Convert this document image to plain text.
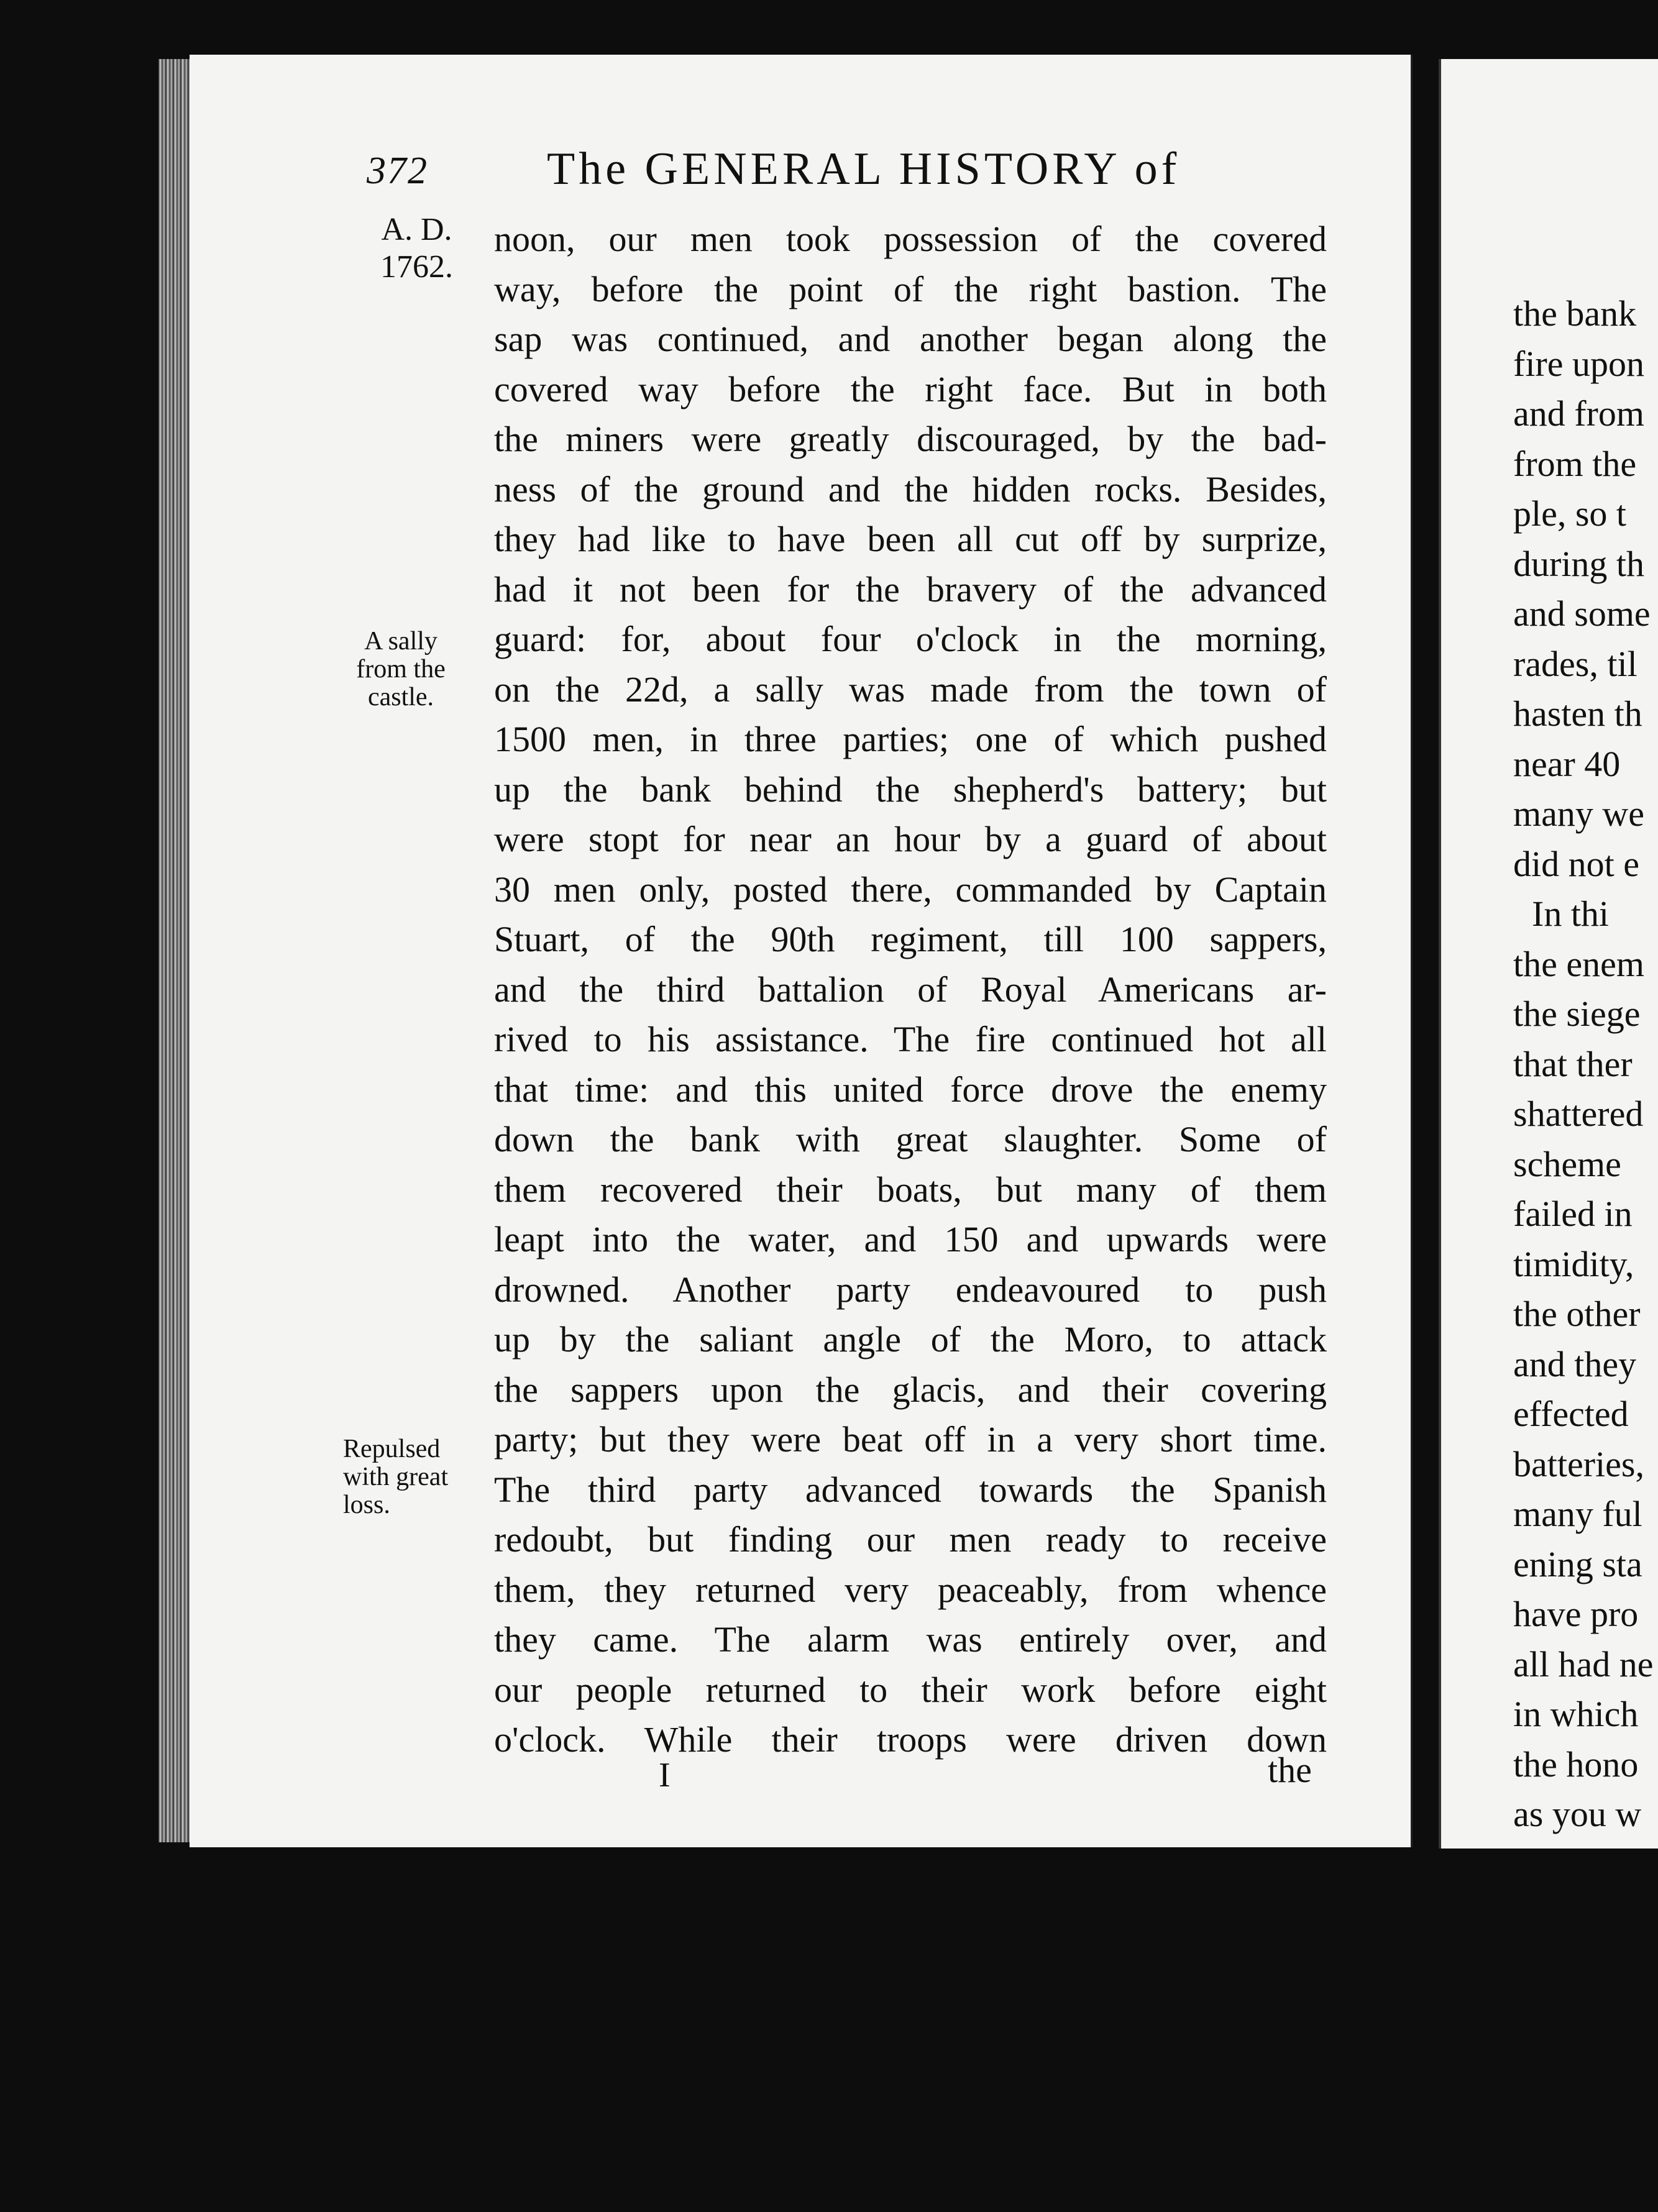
372	The GENERAL HISTORY of
A. D.
1762.
A sally
from the
castle.
Repulsed
with great
loss.
noon, our men took possession of the covered
way, before the point of the right bastion. The
sap was continued, and another began along the
covered way before the right face. But in both
the miners were greatly discouraged, by the bad-
ness of the ground and the hidden rocks. Besides,
they had like to have been all cut off by surprize,
had it not been for the bravery of the advanced
guard: for, about four o'clock in the morning,
on the 22d, a sally was made from the town of
1500 men, in three parties; one of which pushed
up the bank behind the shepherd's battery; but
were stopt for near an hour by a guard of about
30 men only, posted there, commanded by Captain
Stuart, of the 90th regiment, till 100 sappers,
and the third battalion of Royal Americans ar-
rived to his assistance. The fire continued hot all
that time: and this united force drove the enemy
down the bank with great slaughter. Some of
them recovered their boats, but many of them
leapt into the water, and 150 and upwards were
drowned. Another party endeavoured to push
up by the saliant angle of the Moro, to attack
the sappers upon the glacis, and their covering
party; but they were beat off in a very short time.
The third party advanced towards the Spanish
redoubt, but finding our men ready to receive
them, they returned very peaceably, from whence
they came. The alarm was entirely over, and
our people returned to their work before eight
o'clock. While their troops were driven down
I	the
the bank
fire upon
and from
from the
ple, so t
during th
and some
rades, til
hasten th
near 40
many we
did not e
In thi
the enem
the siege
that ther
shattered
scheme
failed in
timidity,
the other
and they
effected
batteries,
many ful
ening sta
have pro
all had ne
in which
the hono
as you w
